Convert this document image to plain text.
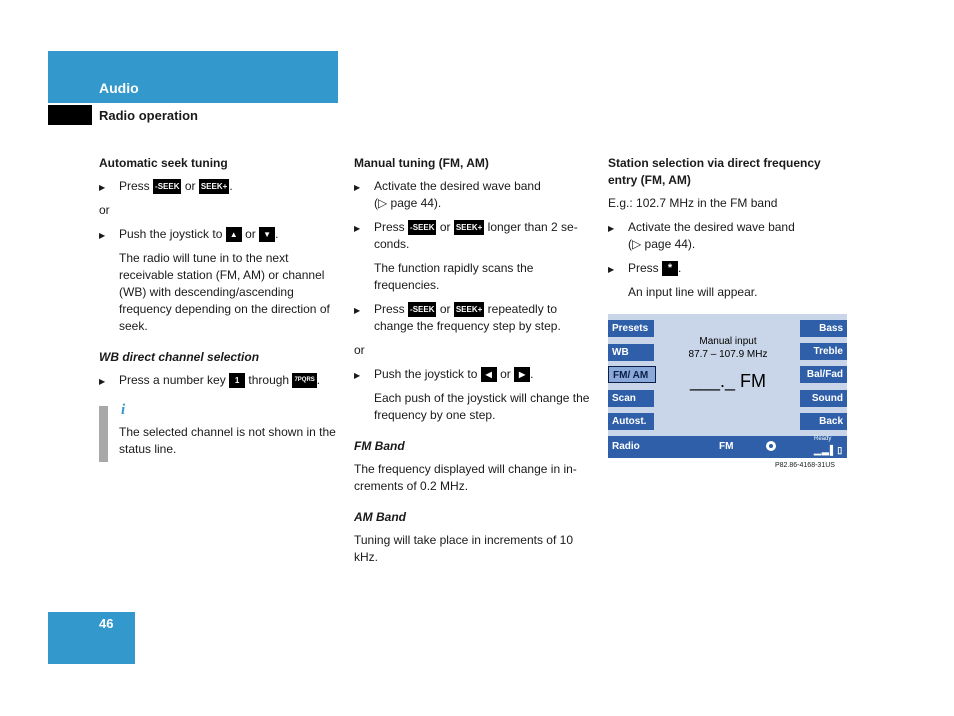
Audio
Radio operation

Automatic seek tuning

▶ Press -SEEK or SEEK+ .

or

▶ Push the joystick to ▲ or ▼ .

The radio will tune in to the next receivable station (FM, AM) or channel (WB) with descending/ascending frequency depending on the direction of seek.

WB direct channel selection

▶ Press a number key 1 through 7PQRS .

i
The selected channel is not shown in the status line.

Manual tuning (FM, AM)

▶ Activate the desired wave band
(▷ page 44).

▶ Press -SEEK or SEEK+ longer than 2 se-conds.

The function rapidly scans the frequencies.

▶ Press -SEEK or SEEK+ repeatedly to change the frequency step by step.

or

▶ Push the joystick to ◀ or ▶ .

Each push of the joystick will change the frequency by one step.

FM Band

The frequency displayed will change in in-crements of 0.2 MHz.

AM Band

Tuning will take place in increments of 10 kHz.

Station selection via direct frequency entry (FM, AM)

E.g.: 102.7 MHz in the FM band

▶ Activate the desired wave band
(▷ page 44).

▶ Press * .

An input line will appear.

Presets
WB
FM/ AM
Scan
Autost.
Bass
Treble
Bal/Fad
Sound
Back
Manual input
87.7 – 107.9 MHz
___._ FM
Radio	FM
Ready
▁▂▌▯
P82.86-4168-31US
46
